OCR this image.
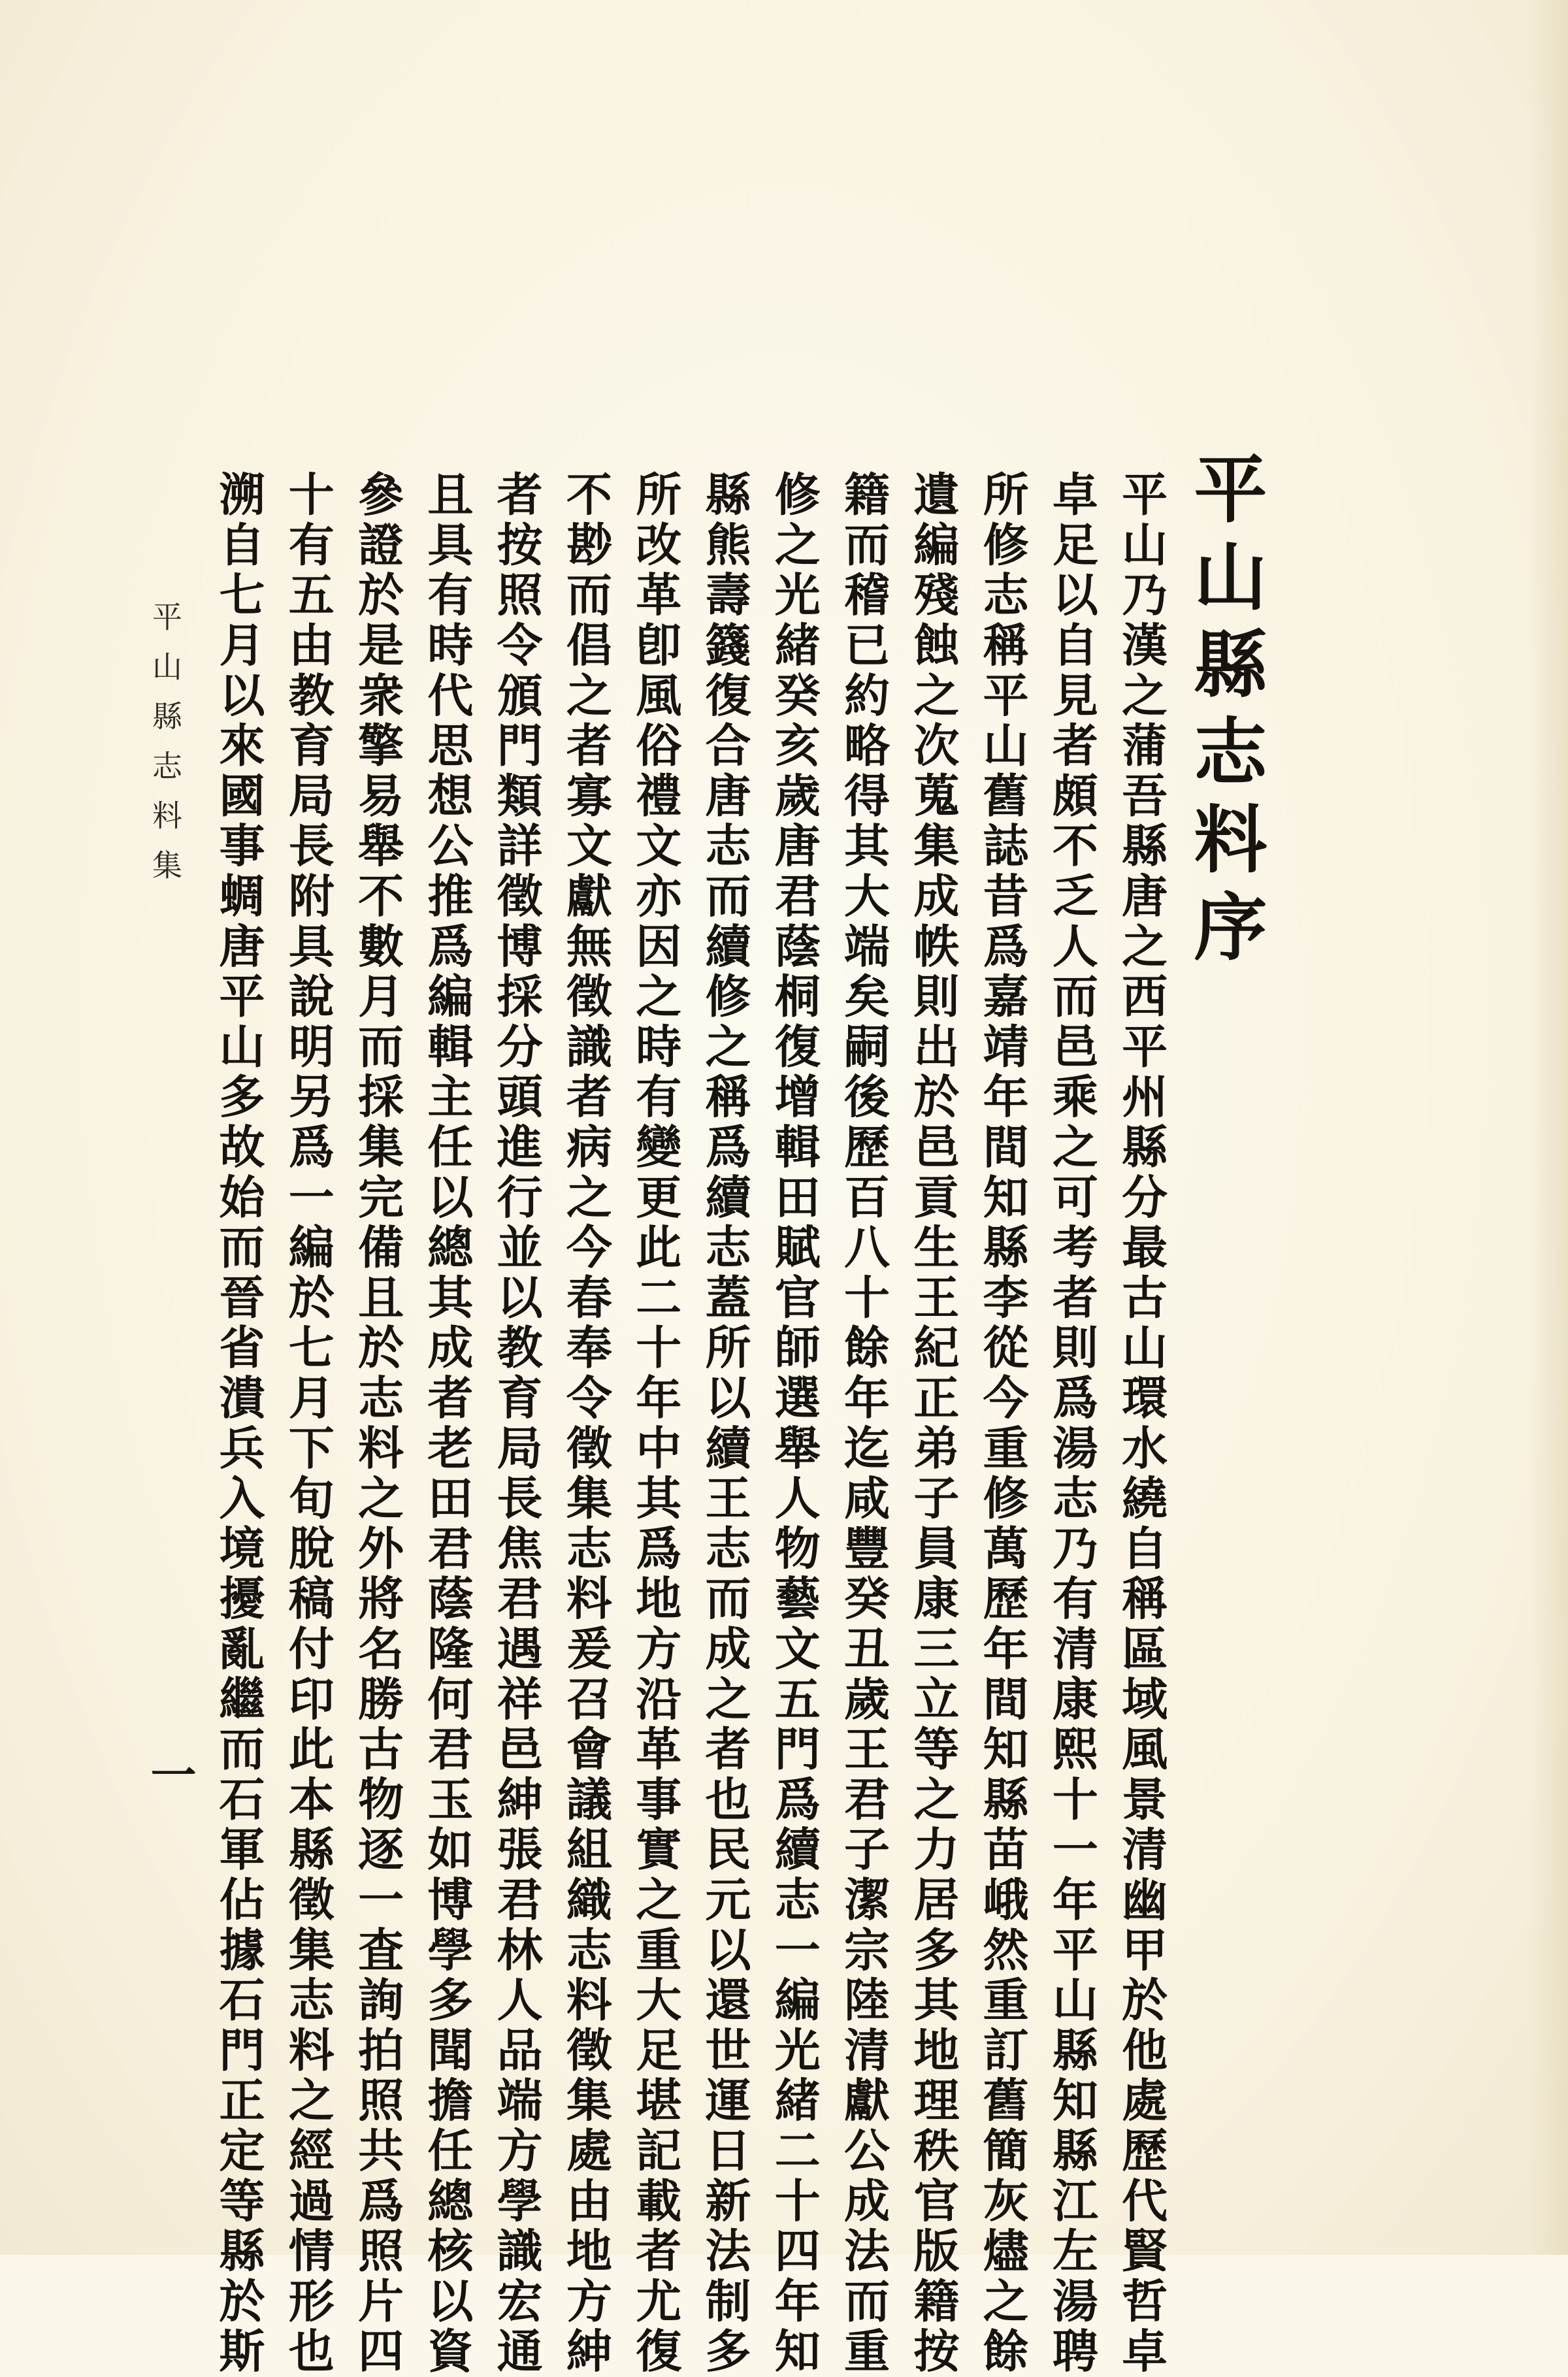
平山縣志料序
平山乃漢之蒲吾縣唐之西平州縣分最古山環水繞自稱區域風景清幽甲於他處歷代賢哲卓
卓足以自見者頗不乏人而邑乘之可考者則爲湯志乃有清康熙十一年平山縣知縣江左湯聘
所修志稱平山舊誌昔爲嘉靖年間知縣李從今重修萬歷年間知縣苗峨然重訂舊簡灰燼之餘
遺編殘蝕之次蒐集成帙則出於邑貢生王紀正弟子員康三立等之力居多其地理秩官版籍按
籍而稽已約略得其大端矣嗣後歷百八十餘年迄咸豐癸丑歲王君子潔宗陸清獻公成法而重
修之光緒癸亥歲唐君蔭桐復增輯田賦官師選舉人物藝文五門爲續志一編光緒二十四年知
縣熊壽籛復合唐志而續修之稱爲續志蓋所以續王志而成之者也民元以還世運日新法制多
所改革卽風俗禮文亦因之時有變更此二十年中其爲地方沿革事實之重大足堪記載者尤復
不尠而倡之者寡文獻無徵識者病之今春奉令徵集志料爰召會議組織志料徵集處由地方紳
者按照令頒門類詳徵博採分頭進行並以教育局長焦君遇祥邑紳張君林人品端方學識宏通
且具有時代思想公推爲編輯主任以總其成者老田君蔭隆何君玉如博學多聞擔任總核以資
參證於是衆擎易舉不數月而採集完備且於志料之外將名勝古物逐一査詢拍照共爲照片四
十有五由教育局長附具說明另爲一編於七月下旬脫稿付印此本縣徵集志料之經過情形也
溯自七月以來國事蜩唐平山多故始而晉省潰兵入境擾亂繼而石軍佔據石門正定等縣於斯
平山縣志料集
一
